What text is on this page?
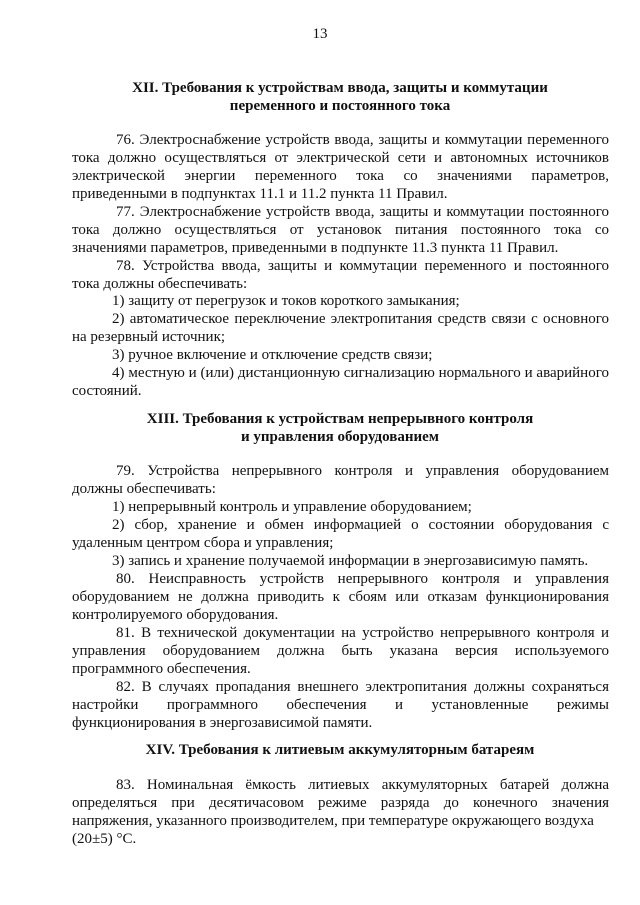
13
XII. Требования к устройствам ввода, защиты и коммутации
переменного и постоянного тока
76. Электроснабжение устройств ввода, защиты и коммутации переменного тока должно осуществляться от электрической сети и автономных источников электрической энергии переменного тока со значениями параметров, приведенными в подпунктах 11.1 и 11.2 пункта 11 Правил.
77. Электроснабжение устройств ввода, защиты и коммутации постоянного тока должно осуществляться от установок питания постоянного тока со значениями параметров, приведенными в подпункте 11.3 пункта 11 Правил.
78. Устройства ввода, защиты и коммутации переменного и постоянного тока должны обеспечивать:
1) защиту от перегрузок и токов короткого замыкания;
2) автоматическое переключение электропитания средств связи с основного на резервный источник;
3) ручное включение и отключение средств связи;
4) местную и (или) дистанционную сигнализацию нормального и аварийного состояний.
XIII. Требования к устройствам непрерывного контроля
и управления оборудованием
79. Устройства непрерывного контроля и управления оборудованием должны обеспечивать:
1) непрерывный контроль и управление оборудованием;
2) сбор, хранение и обмен информацией о состоянии оборудования с удаленным центром сбора и управления;
3) запись и хранение получаемой информации в энергозависимую память.
80. Неисправность устройств непрерывного контроля и управления оборудованием не должна приводить к сбоям или отказам функционирования контролируемого оборудования.
81. В технической документации на устройство непрерывного контроля и управления оборудованием должна быть указана версия используемого программного обеспечения.
82. В случаях пропадания внешнего электропитания должны сохраняться настройки программного обеспечения и установленные режимы функционирования в энергозависимой памяти.
XIV. Требования к литиевым аккумуляторным батареям
83. Номинальная ёмкость литиевых аккумуляторных батарей должна определяться при десятичасовом режиме разряда до конечного значения напряжения, указанного производителем, при температуре окружающего воздуха
(20±5) °C.
